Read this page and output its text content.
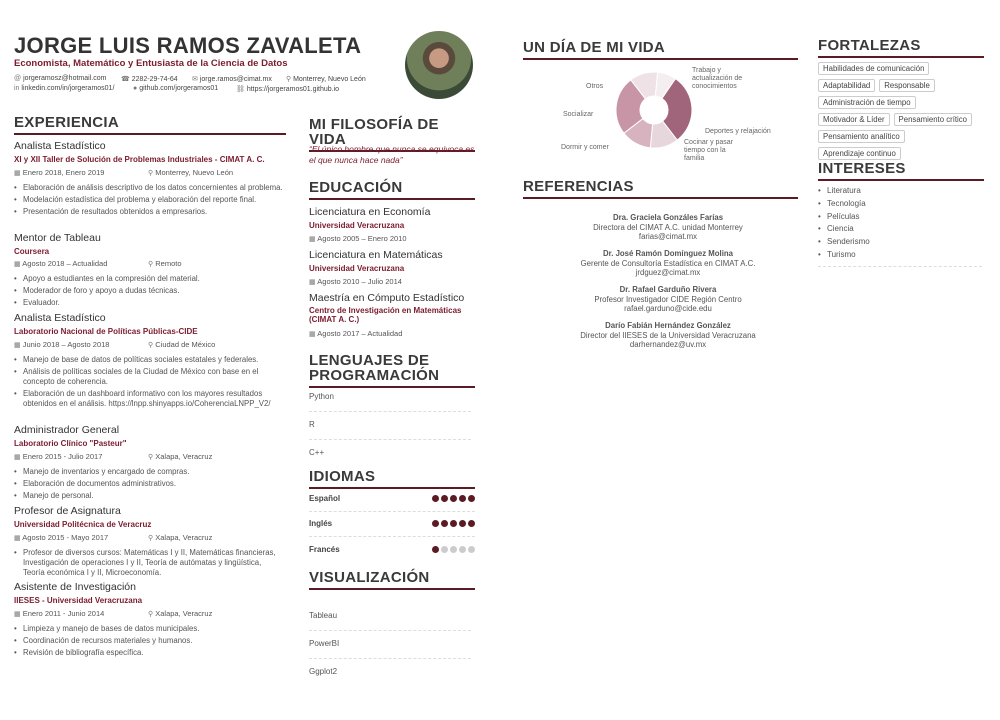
JORGE LUIS RAMOS ZAVALETA
Economista, Matemático y Entusiasta de la Ciencia de Datos
@ jorgeramosz@hotmail.com ☎ 2282-29-74-64 ✉ jorge.ramos@cimat.mx ⚲ Monterrey, Nuevo León
in linkedin.com/in/jorgeramos01/	● github.com/jorgeramos01	⛓ https://jorgeramos01.github.io
EXPERIENCIA
Analista Estadístico
XI y XII Taller de Solución de Problemas Industriales - CIMAT A. C.
▦ Enero 2018, Enero 2019	⚲ Monterrey, Nuevo León
• Elaboración de análisis descriptivo de los datos concernientes al problema.
• Modelación estadística del problema y elaboración del reporte final.
• Presentación de resultados obtenidos a empresarios.
Mentor de Tableau
Coursera
▦ Agosto 2018 – Actualidad	⚲ Remoto
• Apoyo a estudiantes en la compresión del material.
• Moderador de foro y apoyo a dudas técnicas.
• Evaluador.
Analista Estadístico
Laboratorio Nacional de Políticas Públicas-CIDE
▦ Junio 2018 – Agosto 2018	⚲ Ciudad de México
• Manejo de base de datos de políticas sociales estatales y federales.
• Análisis de políticas sociales de la Ciudad de México con base en el concepto de coherencia.
• Elaboración de un dashboard informativo con los mayores resultados obtenidos en el análisis. https://lnpp.shinyapps.io/CoherenciaLNPP_V2/
Administrador General
Laboratorio Clínico "Pasteur"
▦ Enero 2015 - Julio 2017	⚲ Xalapa, Veracruz
• Manejo de inventarios y encargado de compras.
• Elaboración de documentos administrativos.
• Manejo de personal.
Profesor de Asignatura
Universidad Politécnica de Veracruz
▦ Agosto 2015 - Mayo 2017	⚲ Xalapa, Veracruz
• Profesor de diversos cursos: Matemáticas I y II, Matemáticas financieras, Investigación de operaciones I y II, Teoría de autómatas y lingüística, Teoría económica I y II, Microeconomía.
Asistente de Investigación
IIESES - Universidad Veracruzana
▦ Enero 2011 - Junio 2014	⚲ Xalapa, Veracruz
• Limpieza y manejo de bases de datos municipales.
• Coordinación de recursos materiales y humanos.
• Revisión de bibliografía específica.
MI FILOSOFÍA DE VIDA
“El único hombre que nunca se equivoca es el que nunca hace nada”
EDUCACIÓN
Licenciatura en Economía
Universidad Veracruzana
▦ Agosto 2005 – Enero 2010
Licenciatura en Matemáticas
Universidad Veracruzana
▦ Agosto 2010 – Julio 2014
Maestría en Cómputo Estadístico
Centro de Investigación en Matemáticas (CIMAT A. C.)
▦ Agosto 2017 – Actualidad
LENGUAJES DE PROGRAMACIÓN
Python
R
C++
IDIOMAS
Español
Inglés
Francés
VISUALIZACIÓN
Tableau
PowerBI
Ggplot2
UN DÍA DE MI VIDA
Trabajo y actualización de conocimientos
Otros
Socializar
Deportes y relajación
Cocinar y pasar tiempo con la familia
Dormir y comer
REFERENCIAS
Dra. Graciela Gonzáles Farías
Directora del CIMAT A.C. unidad Monterrey
farias@cimat.mx
Dr. José Ramón Domínguez Molina
Gerente de Consultoría Estadística en CIMAT A.C.
jrdguez@cimat.mx
Dr. Rafael Garduño Rivera
Profesor Investigador CIDE Región Centro
rafael.garduno@cide.edu
Darío Fabián Hernández González
Director del IIESES de la Universidad Veracruzana
darhernandez@uv.mx
FORTALEZAS
Habilidades de comunicación
Adaptabilidad	Responsable
Administración de tiempo
Motivador & Líder	Pensamiento crítico
Pensamiento analítico
Aprendizaje continuo
INTERESES
• Literatura
• Tecnología
• Películas
• Ciencia
• Senderismo
• Turismo
